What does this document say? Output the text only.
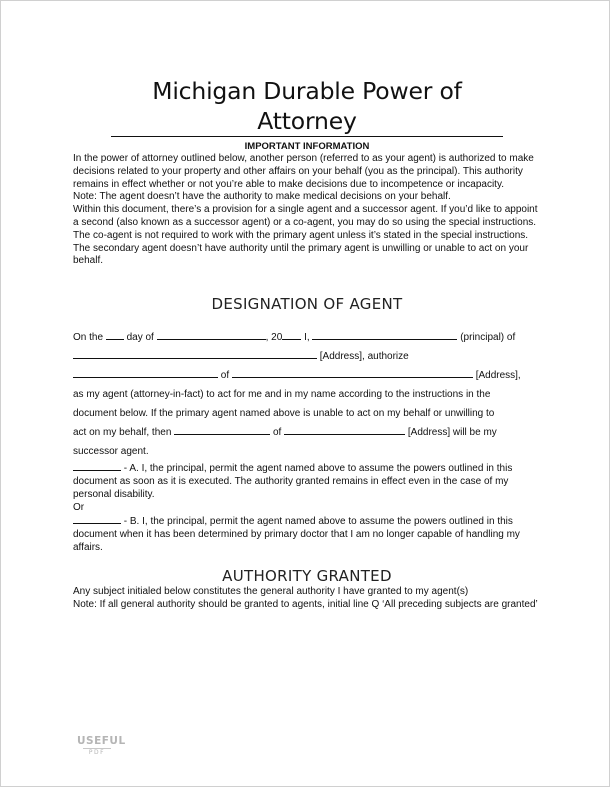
Michigan Durable Power of Attorney
IMPORTANT INFORMATION

In the power of attorney outlined below, another person (referred to as your agent) is authorized to make decisions related to your property and other affairs on your behalf (you as the principal). This authority remains in effect whether or not you’re able to make decisions due to incompetence or incapacity.

Note: The agent doesn’t have the authority to make medical decisions on your behalf.

Within this document, there’s a provision for a single agent and a successor agent. If you’d like to appoint a second (also known as a successor agent) or a co-agent, you may do so using the special instructions. The co-agent is not required to work with the primary agent unless it’s stated in the special instructions. The secondary agent doesn’t have authority until the primary agent is unwilling or unable to act on your behalf.

DESIGNATION OF AGENT
On the day of	, 20 I,	(principal) of
[Address], authorize
of	[Address],
as my agent (attorney-in-fact) to act for me and in my name according to the instructions in the
document below. If the primary agent named above is unable to act on my behalf or unwilling to
act on my behalf, then	of	[Address] will be my
successor agent.

- A. I, the principal, permit the agent named above to assume the powers outlined in this document as soon as it is executed. The authority granted remains in effect even in the case of my personal disability.

Or

- B. I, the principal, permit the agent named above to assume the powers outlined in this document when it has been determined by primary doctor that I am no longer capable of handling my affairs.

AUTHORITY GRANTED

Any subject initialed below constitutes the general authority I have granted to my agent(s)

Note: If all general authority should be granted to agents, initial line Q ‘All preceding subjects are granted’

USEFUL
PDF
